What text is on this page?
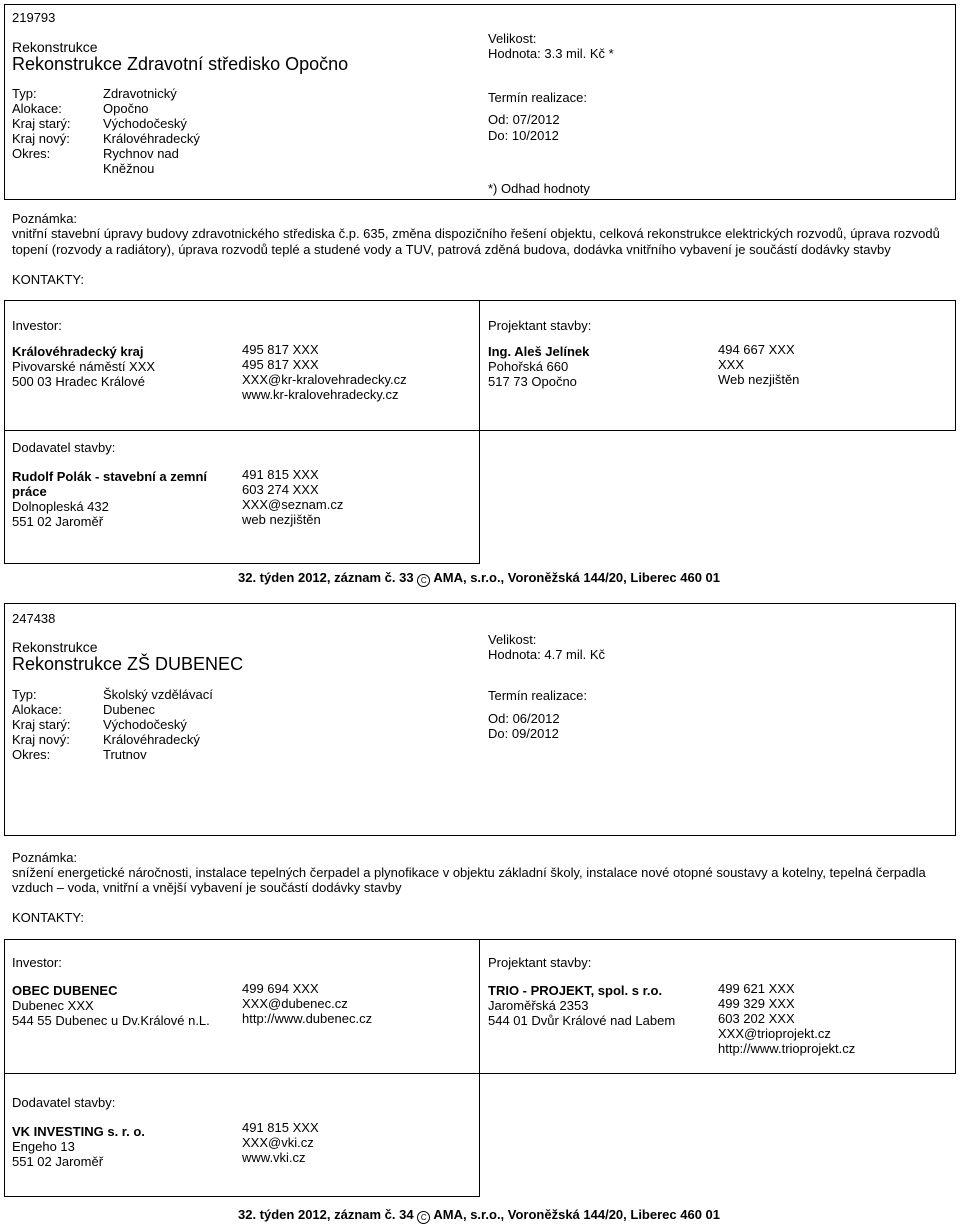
219793
Rekonstrukce
Rekonstrukce Zdravotní středisko Opočno
Typ:
Alokace:
Kraj starý:
Kraj nový:
Okres:
Zdravotnický
Opočno
Východočeský
Královéhradecký
Rychnov nad
Kněžnou
Velikost:
Hodnota: 3.3 mil. Kč *
Termín realizace:
Od: 07/2012
Do: 10/2012
*) Odhad hodnoty
Poznámka:
vnitřní stavební úpravy budovy zdravotnického střediska č.p. 635, změna dispozičního řešení objektu, celková rekonstrukce elektrických rozvodů, úprava rozvodů
topení (rozvody a radiátory), úprava rozvodů teplé a studené vody a TUV, patrová zděná budova, dodávka vnitřního vybavení je součástí dodávky stavby
KONTAKTY:
Investor:
Královéhradecký kraj
Pivovarské náměstí XXX
500 03 Hradec Králové
495 817 XXX
495 817 XXX
XXX@kr-kralovehradecky.cz
www.kr-kralovehradecky.cz
Projektant stavby:
Ing. Aleš Jelínek
Pohořská 660
517 73 Opočno
494 667 XXX
XXX
Web nezjištěn
Dodavatel stavby:
Rudolf Polák - stavební a zemní
práce
Dolnopleská 432
551 02 Jaroměř
491 815 XXX
603 274 XXX
XXX@seznam.cz
web nezjištěn
32. týden 2012, záznam č. 33 C AMA, s.r.o., Voroněžská 144/20, Liberec 460 01
247438
Rekonstrukce
Rekonstrukce ZŠ DUBENEC
Typ:
Alokace:
Kraj starý:
Kraj nový:
Okres:
Školský vzdělávací
Dubenec
Východočeský
Královéhradecký
Trutnov
Velikost:
Hodnota: 4.7 mil. Kč
Termín realizace:
Od: 06/2012
Do: 09/2012
Poznámka:
snížení energetické náročnosti, instalace tepelných čerpadel a plynofikace v objektu základní školy, instalace nové otopné soustavy a kotelny, tepelná čerpadla
vzduch – voda, vnitřní a vnější vybavení je součástí dodávky stavby
KONTAKTY:
Investor:
OBEC DUBENEC
Dubenec XXX
544 55 Dubenec u Dv.Králové n.L.
499 694 XXX
XXX@dubenec.cz
http://www.dubenec.cz
Projektant stavby:
TRIO - PROJEKT, spol. s r.o.
Jaroměřská 2353
544 01 Dvůr Králové nad Labem
499 621 XXX
499 329 XXX
603 202 XXX
XXX@trioprojekt.cz
http://www.trioprojekt.cz
Dodavatel stavby:
VK INVESTING s. r. o.
Engeho 13
551 02 Jaroměř
491 815 XXX
XXX@vki.cz
www.vki.cz
32. týden 2012, záznam č. 34 C AMA, s.r.o., Voroněžská 144/20, Liberec 460 01
